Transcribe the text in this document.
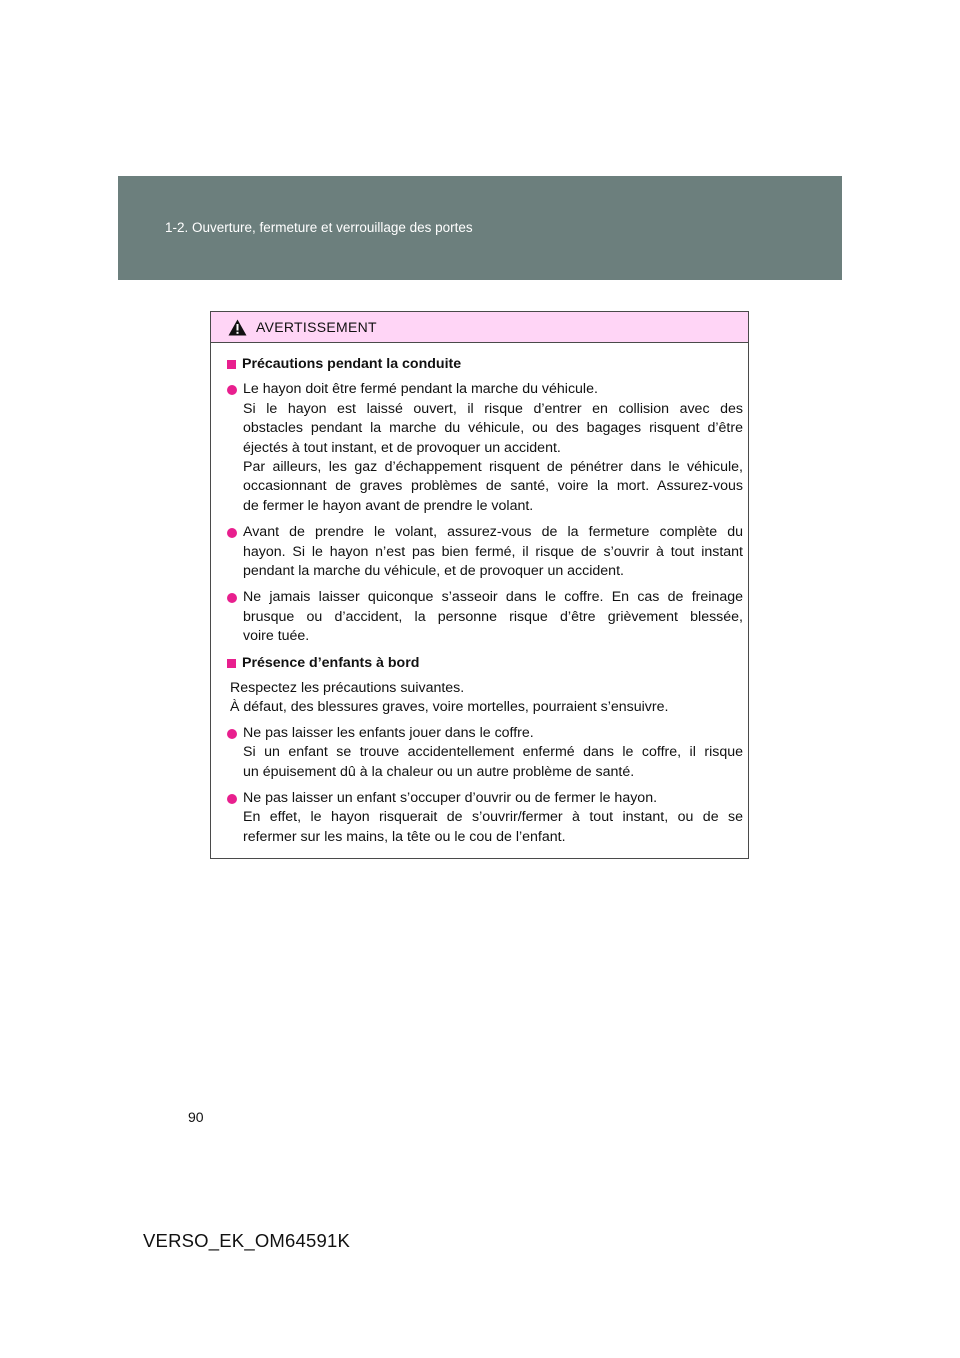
1-2. Ouverture, fermeture et verrouillage des portes
AVERTISSEMENT
Précautions pendant la conduite
Le hayon doit être fermé pendant la marche du véhicule.
Si le hayon est laissé ouvert, il risque d’entrer en collision avec des
obstacles pendant la marche du véhicule, ou des bagages risquent d’être
éjectés à tout instant, et de provoquer un accident.
Par ailleurs, les gaz d’échappement risquent de pénétrer dans le véhicule,
occasionnant de graves problèmes de santé, voire la mort. Assurez-vous
de fermer le hayon avant de prendre le volant.
Avant de prendre le volant, assurez-vous de la fermeture complète du
hayon. Si le hayon n’est pas bien fermé, il risque de s’ouvrir à tout instant
pendant la marche du véhicule, et de provoquer un accident.
Ne jamais laisser quiconque s’asseoir dans le coffre. En cas de freinage
brusque ou d’accident, la personne risque d’être grièvement blessée,
voire tuée.
Présence d’enfants à bord
Respectez les précautions suivantes.
À défaut, des blessures graves, voire mortelles, pourraient s’ensuivre.
Ne pas laisser les enfants jouer dans le coffre.
Si un enfant se trouve accidentellement enfermé dans le coffre, il risque
un épuisement dû à la chaleur ou un autre problème de santé.
Ne pas laisser un enfant s’occuper d’ouvrir ou de fermer le hayon.
En effet, le hayon risquerait de s’ouvrir/fermer à tout instant, ou de se
refermer sur les mains, la tête ou le cou de l’enfant.
90
VERSO_EK_OM64591K
